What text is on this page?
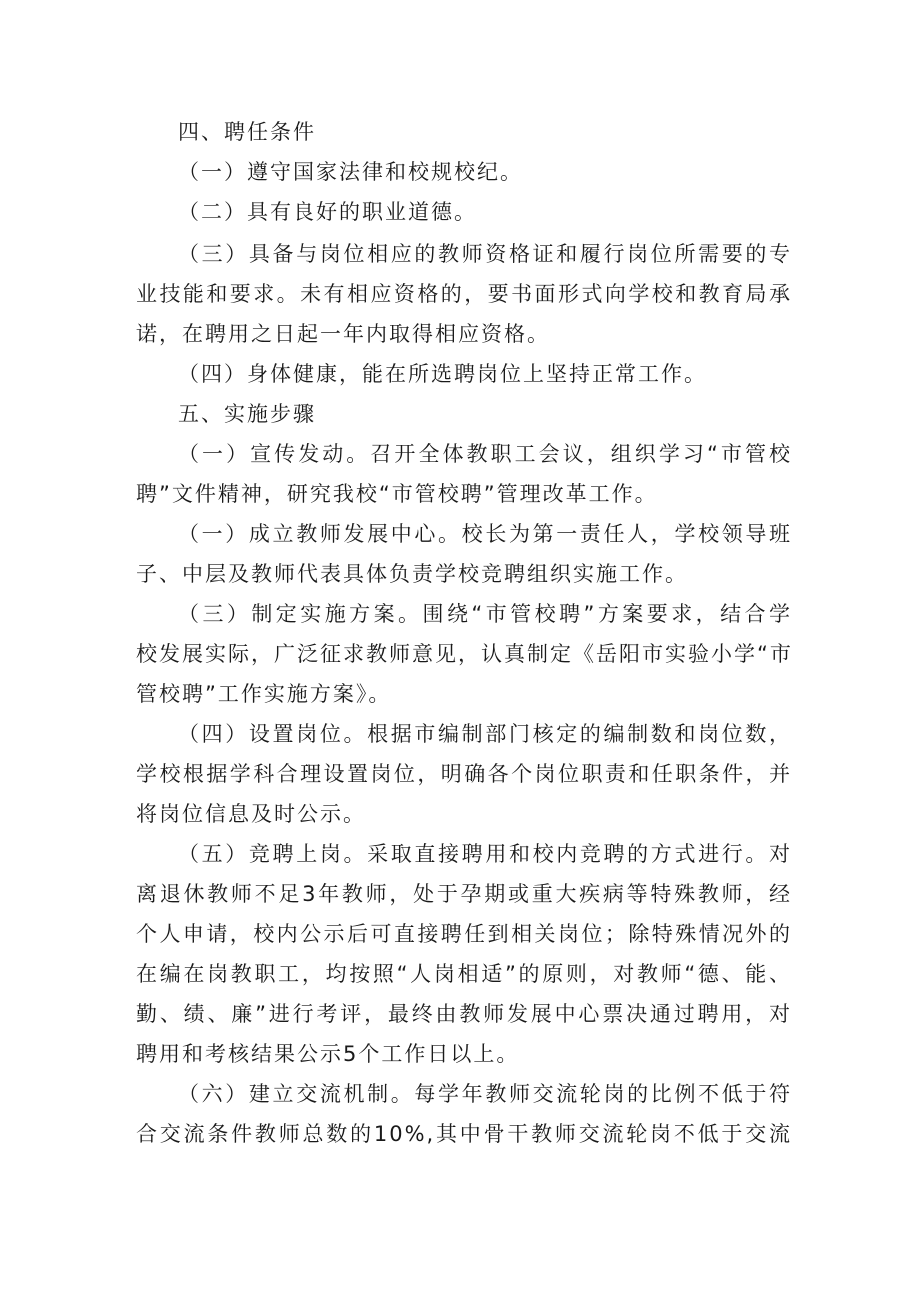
四、聘任条件
（一）遵守国家法律和校规校纪。
（二）具有良好的职业道德。
（三）具备与岗位相应的教师资格证和履行岗位所需要的专
业技能和要求。未有相应资格的，要书面形式向学校和教育局承
诺，在聘用之日起一年内取得相应资格。
（四）身体健康，能在所选聘岗位上坚持正常工作。
五、实施步骤
（一）宣传发动。召开全体教职工会议，组织学习“市管校
聘”文件精神，研究我校“市管校聘”管理改革工作。
（一）成立教师发展中心。校长为第一责任人，学校领导班
子、中层及教师代表具体负责学校竞聘组织实施工作。
（三）制定实施方案。围绕“市管校聘”方案要求，结合学
校发展实际，广泛征求教师意见，认真制定《岳阳市实验小学“市
管校聘”工作实施方案》。
（四）设置岗位。根据市编制部门核定的编制数和岗位数，
学校根据学科合理设置岗位，明确各个岗位职责和任职条件，并
将岗位信息及时公示。
（五）竞聘上岗。采取直接聘用和校内竞聘的方式进行。对
离退休教师不足3年教师，处于孕期或重大疾病等特殊教师，经
个人申请，校内公示后可直接聘任到相关岗位；除特殊情况外的
在编在岗教职工，均按照“人岗相适”的原则，对教师“德、能、
勤、绩、廉”进行考评，最终由教师发展中心票决通过聘用，对
聘用和考核结果公示5个工作日以上。
（六）建立交流机制。每学年教师交流轮岗的比例不低于符
合交流条件教师总数的10%,其中骨干教师交流轮岗不低于交流
